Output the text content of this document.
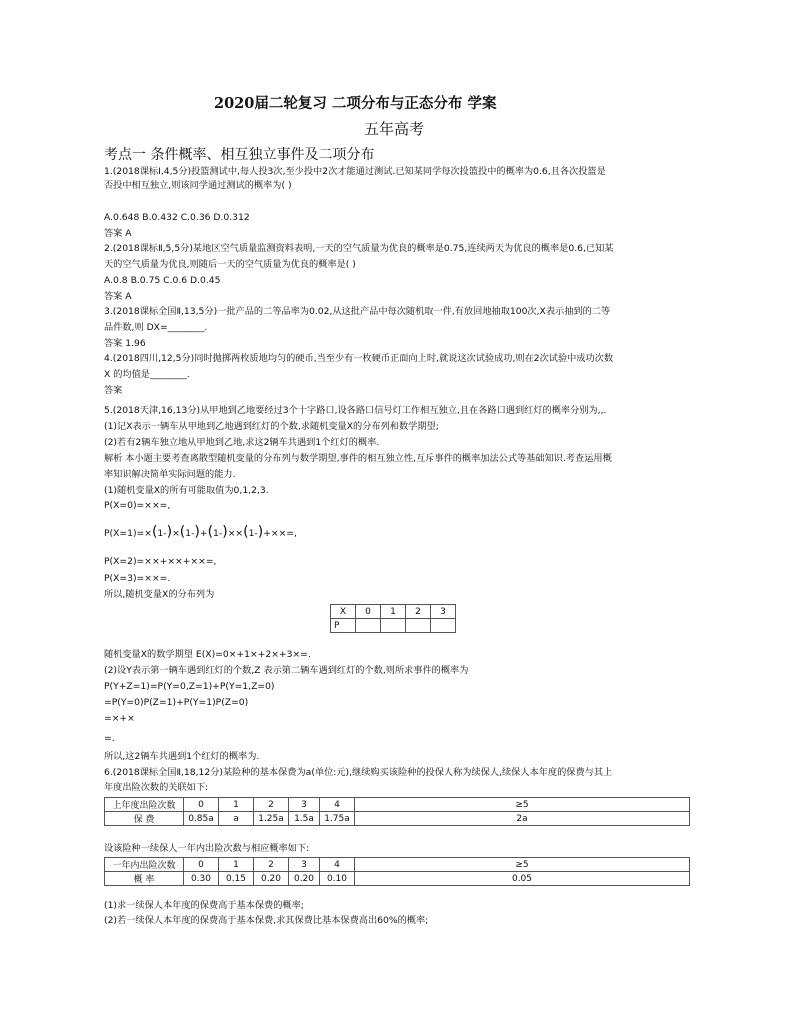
2020届二轮复习 二项分布与正态分布 学案
五年高考
考点一 条件概率、相互独立事件及二项分布
1.(2018课标Ⅰ,4,5分)投篮测试中,每人投3次,至少投中2次才能通过测试.已知某同学每次投篮投中的概率为0.6,且各次投篮是
否投中相互独立,则该同学通过测试的概率为( )
A.0.648 B.0.432 C.0.36 D.0.312
答案 A
2.(2018课标Ⅱ,5,5分)某地区空气质量监测资料表明,一天的空气质量为优良的概率是0.75,连续两天为优良的概率是0.6,已知某
天的空气质量为优良,则随后一天的空气质量为优良的概率是( )
A.0.8 B.0.75 C.0.6 D.0.45
答案 A
3.(2018课标全国Ⅱ,13,5分)一批产品的二等品率为0.02,从这批产品中每次随机取一件,有放回地抽取100次,X表示抽到的二等
品件数,则 DX=________.
答案 1.96
4.(2018四川,12,5分)同时抛掷两枚质地均匀的硬币,当至少有一枚硬币正面向上时,就说这次试验成功,则在2次试验中成功次数
X 的均值是________.
答案
5.(2018天津,16,13分)从甲地到乙地要经过3个十字路口,设各路口信号灯工作相互独立,且在各路口遇到红灯的概率分别为,,.
(1)记X表示一辆车从甲地到乙地遇到红灯的个数,求随机变量X的分布列和数学期望;
(2)若有2辆车独立地从甲地到乙地,求这2辆车共遇到1个红灯的概率.
解析 本小题主要考查离散型随机变量的分布列与数学期望,事件的相互独立性,互斥事件的概率加法公式等基础知识.考查运用概
率知识解决简单实际问题的能力.
(1)随机变量X的所有可能取值为0,1,2,3.
P(X=0)=××=,
P(X=1)=×(1-)×(1-)+(1-)××(1-)+××=,
P(X=2)=××+××+××=,
P(X=3)=××=.
所以,随机变量X的分布列为
X	0	1	2	3
P				
随机变量X的数学期望 E(X)=0×+1×+2×+3×=.
(2)设Y表示第一辆车遇到红灯的个数,Z 表示第二辆车遇到红灯的个数,则所求事件的概率为
P(Y+Z=1)=P(Y=0,Z=1)+P(Y=1,Z=0)
=P(Y=0)P(Z=1)+P(Y=1)P(Z=0)
=×+×
=.
所以,这2辆车共遇到1个红灯的概率为.
6.(2018课标全国Ⅱ,18,12分)某险种的基本保费为a(单位:元),继续购买该险种的投保人称为续保人,续保人本年度的保费与其上
年度出险次数的关联如下:
上年度出险次数	0	1	2	3	4	≥5
保 费	0.85a	a	1.25a	1.5a	1.75a	2a
设该险种一续保人一年内出险次数与相应概率如下:
一年内出险次数	0	1	2	3	4	≥5
概 率	0.30	0.15	0.20	0.20	0.10	0.05
(1)求一续保人本年度的保费高于基本保费的概率;
(2)若一续保人本年度的保费高于基本保费,求其保费比基本保费高出60%的概率;
